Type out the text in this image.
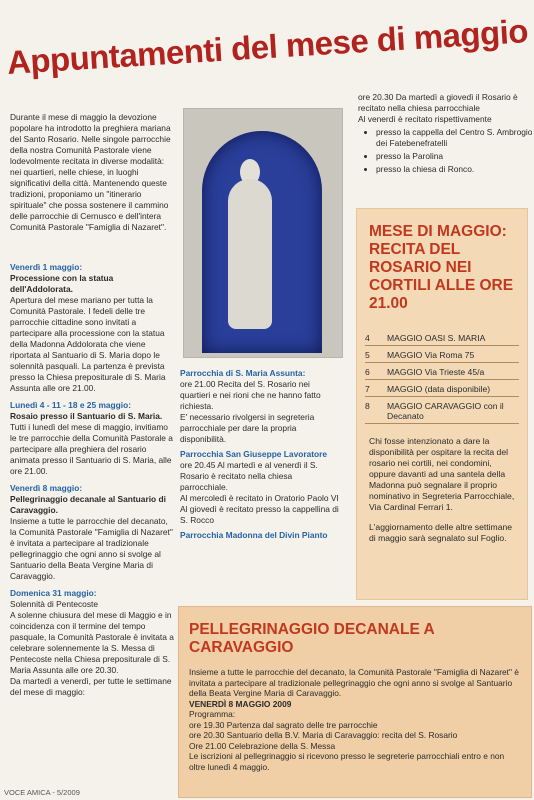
Appuntamenti del mese di maggio

Durante il mese di maggio la devozione popolare ha introdotto la preghiera mariana del Santo Rosario. Nelle singole parrocchie della nostra Comunità Pastorale viene lodevolmente recitata in diverse modalità: nei quartieri, nelle chiese, in luoghi significativi della città. Mantenendo queste tradizioni, proponiamo un "itinerario spirituale" che possa sostenere il cammino delle parrocchie di Cernusco e dell'intera Comunità Pastorale "Famiglia di Nazaret".

Venerdì 1 maggio:
Processione con la statua dell'Addolorata.
Apertura del mese mariano per tutta la Comunità Pastorale. I fedeli delle tre parrocchie cittadine sono invitati a partecipare alla processione con la statua della Madonna Addolorata che viene riportata al Santuario di S. Maria dopo le solennità pasquali. La partenza è prevista presso la Chiesa prepositurale di S. Maria Assunta alle ore 21.00.
Lunedì 4 - 11 - 18 e 25 maggio:
Rosaio presso il Santuario di S. Maria.
Tutti i lunedì del mese di maggio, invitiamo le tre parrocchie della Comunità Pastorale a partecipare alla preghiera del rosario animata presso il Santuario di S. Maria, alle ore 21.00.
Venerdì 8 maggio:
Pellegrinaggio decanale al Santuario di Caravaggio.
Insieme a tutte le parrocchie del decanato, la Comunità Pastorale "Famiglia di Nazaret" è invitata a partecipare al tradizionale pellegrinaggio che ogni anno si svolge al Santuario della Beata Vergine Maria di Caravaggio.
Domenica 31 maggio:
Solennità di Pentecoste
A solenne chiusura del mese di Maggio e in coincidenza con il termine del tempo pasquale, la Comunità Pastorale è invitata a celebrare solennemente la S. Messa di Pentecoste nella Chiesa prepositurale di S. Maria Assunta alle ore 20.30.
Da martedì a venerdì, per tutte le settimane del mese di maggio:

Parrocchia di S. Maria Assunta:
ore 21.00 Recita del S. Rosario nei quartieri e nei rioni che ne hanno fatto richiesta.
E' necessario rivolgersi in segreteria parrocchiale per dare la propria disponibilità.

Parrocchia San Giuseppe Lavoratore
ore 20.45 Al martedì e al venerdì il S. Rosario è recitato nella chiesa parrocchiale.
Al mercoledì è recitato in Oratorio Paolo VI
Al giovedì è recitato presso la cappellina di S. Rocco

Parrocchia Madonna del Divin Pianto

ore 20.30 Da martedì a giovedì il Rosario è recitato nella chiesa parrocchiale
Al venerdì è recitato rispettivamente
• presso la cappella del Centro S. Ambrogio dei Fatebenefratelli
• presso la Parolina
• presso la chiesa di Ronco.
MESE DI MAGGIO: RECITA DEL ROSARIO NEI CORTILI ALLE ORE 21.00
4	MAGGIO OASI S. MARIA
5	MAGGIO Via Roma 75
6	MAGGIO Via Trieste 45/a
7	MAGGIO (data disponibile)
8	MAGGIO CARAVAGGIO con il Decanato

Chi fosse intenzionato a dare la disponibilità per ospitare la recita del rosario nei cortili, nei condomini, oppure davanti ad una santela della Madonna può segnalare il proprio nominativo in Segreteria Parrocchiale, Via Cardinal Ferrari 1.

L'aggiornamento delle altre settimane di maggio sarà segnalato sul Foglio.

PELLEGRINAGGIO DECANALE A CARAVAGGIO
Insieme a tutte le parrocchie del decanato, la Comunità Pastorale "Famiglia di Nazaret" è invitata a partecipare al tradizionale pellegrinaggio che ogni anno si svolge al Santuario della Beata Vergine Maria di Caravaggio.
VENERDÌ 8 MAGGIO 2009
Programma:
ore 19.30 Partenza dal sagrato delle tre parrocchie
ore 20.30 Santuario della B.V. Maria di Caravaggio: recita del S. Rosario
Ore 21.00 Celebrazione della S. Messa
Le iscrizioni al pellegrinaggio si ricevono presso le segreterie parrocchiali entro e non oltre lunedì 4 maggio.
VOCE AMICA - 5/2009
